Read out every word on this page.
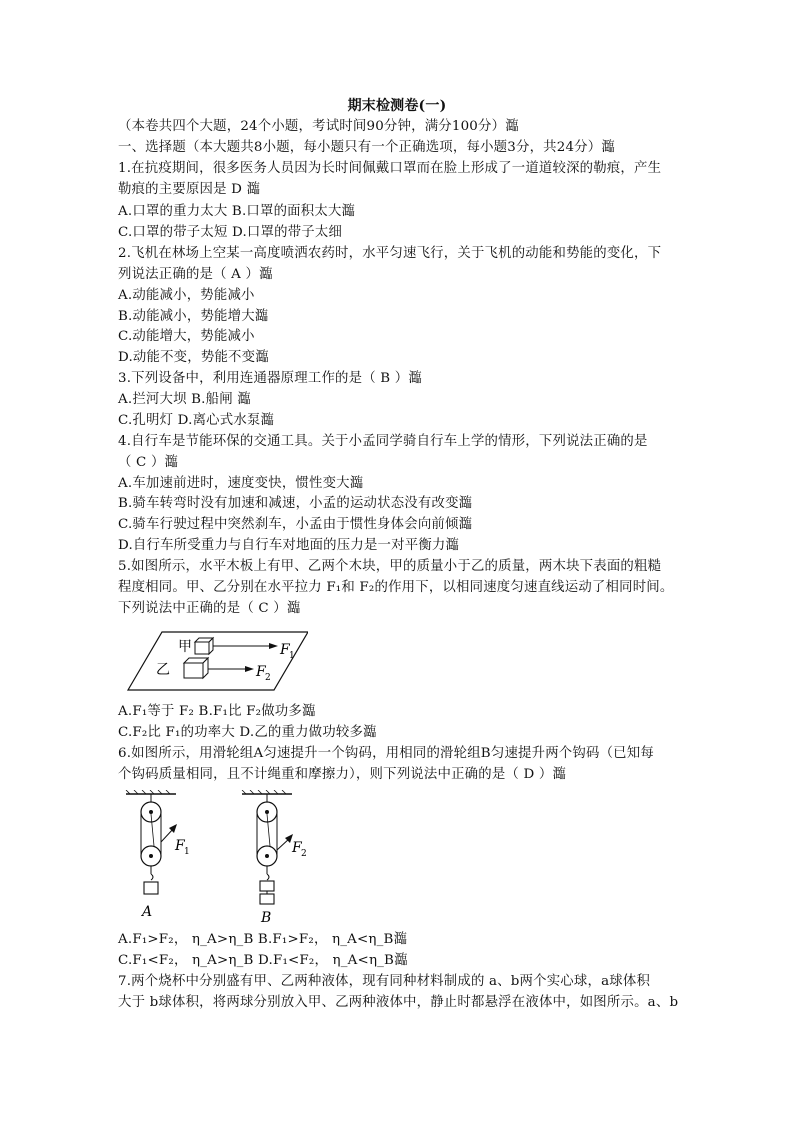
期末检测卷(一)
（本卷共四个大题，24个小题，考试时间90分钟，满分100分）瀶
一、选择题（本大题共8小题，每小题只有一个正确选项，每小题3分，共24分）瀶
1.在抗疫期间，很多医务人员因为长时间佩戴口罩而在脸上形成了一道道较深的勒痕，产生
勒痕的主要原因是 D 瀶
A.口罩的重力太大 B.口罩的面积太大瀶
C.口罩的带子太短 D.口罩的带子太细
2.飞机在林场上空某一高度喷洒农药时，水平匀速飞行，关于飞机的动能和势能的变化，下
列说法正确的是（ A ）瀶
A.动能减小，势能减小
B.动能减小，势能增大瀶
C.动能增大，势能减小
D.动能不变，势能不变瀶
3.下列设备中，利用连通器原理工作的是（ B ）瀶
A.拦河大坝 B.船闸 瀶
C.孔明灯 D.离心式水泵瀶
4.自行车是节能环保的交通工具。关于小孟同学骑自行车上学的情形，下列说法正确的是
（ C ）瀶
A.车加速前进时，速度变快，惯性变大瀶
B.骑车转弯时没有加速和减速，小孟的运动状态没有改变瀶
C.骑车行驶过程中突然刹车，小孟由于惯性身体会向前倾瀶
D.自行车所受重力与自行车对地面的压力是一对平衡力瀶
5.如图所示，水平木板上有甲、乙两个木块，甲的质量小于乙的质量，两木块下表面的粗糙
程度相同。甲、乙分别在水平拉力 F₁和 F₂的作用下，以相同速度匀速直线运动了相同时间。
下列说法中正确的是（ C ）瀶
甲
乙
F 1
F 2
A.F₁等于 F₂ B.F₁比 F₂做功多瀶
C.F₂比 F₁的功率大 D.乙的重力做功较多瀶
6.如图所示，用滑轮组A匀速提升一个钩码，用相同的滑轮组B匀速提升两个钩码（已知每
个钩码质量相同，且不计绳重和摩擦力），则下列说法中正确的是（ D ）瀶
F 1
A
F 2
B
A.F₁>F₂， η_A>η_B B.F₁>F₂， η_A<η_B瀶
C.F₁<F₂， η_A>η_B D.F₁<F₂， η_A<η_B瀶
7.两个烧杯中分别盛有甲、乙两种液体，现有同种材料制成的 a、b两个实心球，a球体积
大于 b球体积，将两球分别放入甲、乙两种液体中，静止时都悬浮在液体中，如图所示。a、b
